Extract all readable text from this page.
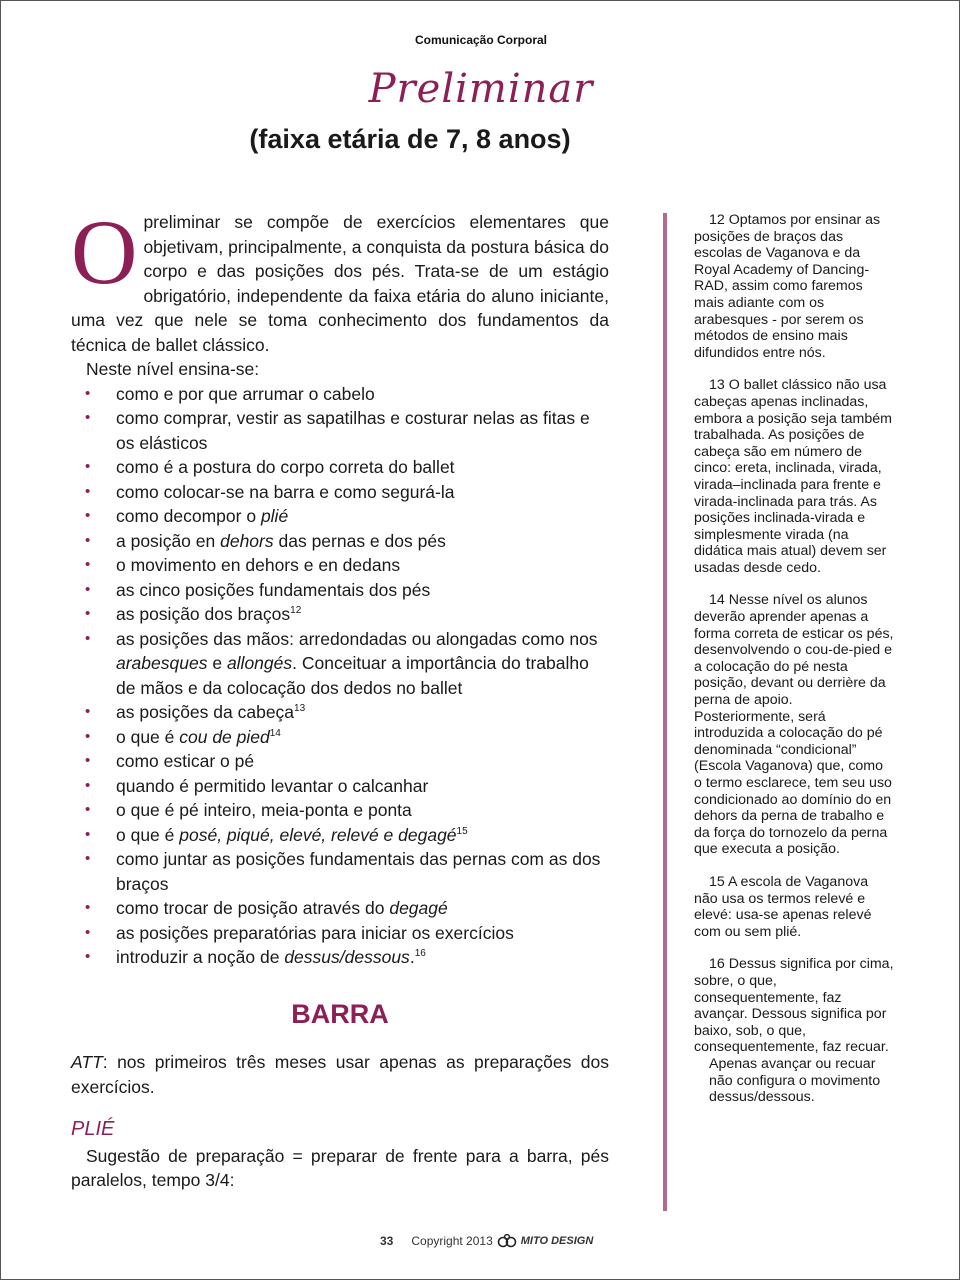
Comunicação Corporal
Preliminar
(faixa etária de 7, 8 anos)

Opreliminar se compõe de exercícios elementares que objetivam, principalmente, a conquista da postura básica do corpo e das posições dos pés. Trata-se de um estágio obrigatório, independente da faixa etária do aluno iniciante, uma vez que nele se toma conhecimento dos fundamentos da técnica de ballet clássico.

Neste nível ensina-se:

• como e por que arrumar o cabelo
• como comprar, vestir as sapatilhas e costurar nelas as fitas e os elásticos
• como é a postura do corpo correta do ballet
• como colocar-se na barra e como segurá-la
• como decompor o plié
• a posição en dehors das pernas e dos pés
• o movimento en dehors e en dedans
• as cinco posições fundamentais dos pés
• as posição dos braços$^{12}$
• as posições das mãos: arredondadas ou alongadas como nos arabesques e allongés. Conceituar a importância do trabalho de mãos e da colocação dos dedos no ballet
• as posições da cabeça$^{13}$
• o que é cou de pied$^{14}$
• como esticar o pé
• quando é permitido levantar o calcanhar
• o que é pé inteiro, meia-ponta e ponta
• o que é posé, piqué, elevé, relevé e degagé$^{15}$
• como juntar as posições fundamentais das pernas com as dos braços
• como trocar de posição através do degagé
• as posições preparatórias para iniciar os exercícios
• introduzir a noção de dessus/dessous.$^{16}$
BARRA

ATT: nos primeiros três meses usar apenas as preparações dos exercícios.

PLIÉ

Sugestão de preparação = preparar de frente para a barra, pés paralelos, tempo 3/4:

12 Optamos por ensinar as posições de braços das escolas de Vaganova e da Royal Academy of Dancing-RAD, assim como faremos mais adiante com os arabesques - por serem os métodos de ensino mais difundidos entre nós.

13 O ballet clássico não usa cabeças apenas inclinadas, embora a posição seja também trabalhada. As posições de cabeça são em número de cinco: ereta, inclinada, virada, virada–inclinada para frente e virada-inclinada para trás. As posições inclinada-virada e simplesmente virada (na didática mais atual) devem ser usadas desde cedo.

14 Nesse nível os alunos deverão aprender apenas a forma correta de esticar os pés, desenvolvendo o cou-de-pied e a colocação do pé nesta posição, devant ou derrière da perna de apoio. Posteriormente, será introduzida a colocação do pé denominada “condicional” (Escola Vaganova) que, como o termo esclarece, tem seu uso condicionado ao domínio do en dehors da perna de trabalho e da força do tornozelo da perna que executa a posição.

15 A escola de Vaganova não usa os termos relevé e elevé: usa-se apenas relevé com ou sem plié.

16 Dessus significa por cima, sobre, o que, consequentemente, faz avançar. Dessous significa por baixo, sob, o que, consequentemente, faz recuar.

Apenas avançar ou recuar não configura o movimento dessus/dessous.
33 Copyright 2013	MITO DESIGN
